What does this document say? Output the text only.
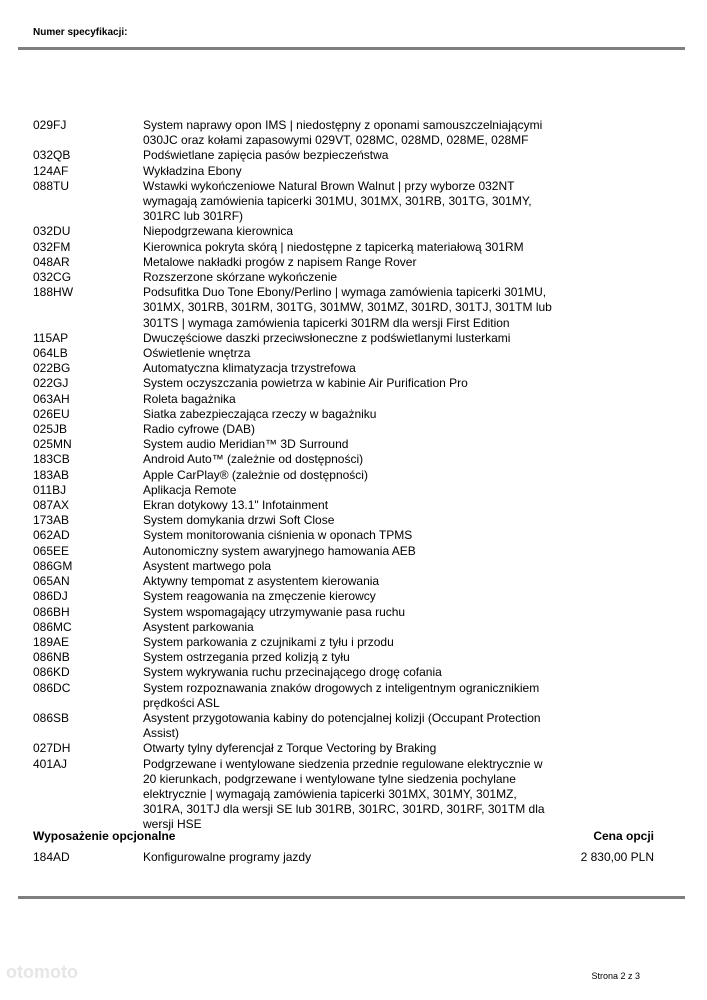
Numer specyfikacji:
029FJ	System naprawy opon IMS | niedostępny z oponami samouszczelniającymi 030JC oraz kołami zapasowymi 029VT, 028MC, 028MD, 028ME, 028MF
032QB	Podświetlane zapięcia pasów bezpieczeństwa
124AF	Wykładzina Ebony
088TU	Wstawki wykończeniowe Natural Brown Walnut | przy wyborze 032NT wymagają zamówienia tapicerki 301MU, 301MX, 301RB, 301TG, 301MY, 301RC lub 301RF)
032DU	Niepodgrzewana kierownica
032FM	Kierownica pokryta skórą | niedostępne z tapicerką materiałową 301RM
048AR	Metalowe nakładki progów z napisem Range Rover
032CG	Rozszerzone skórzane wykończenie
188HW	Podsufitka Duo Tone Ebony/Perlino | wymaga zamówienia tapicerki 301MU, 301MX, 301RB, 301RM, 301TG, 301MW, 301MZ, 301RD, 301TJ, 301TM lub 301TS | wymaga zamówienia tapicerki 301RM dla wersji First Edition
115AP	Dwuczęściowe daszki przeciwsłoneczne z podświetlanymi lusterkami
064LB	Oświetlenie wnętrza
022BG	Automatyczna klimatyzacja trzystrefowa
022GJ	System oczyszczania powietrza w kabinie Air Purification Pro
063AH	Roleta bagażnika
026EU	Siatka zabezpieczająca rzeczy w bagażniku
025JB	Radio cyfrowe (DAB)
025MN	System audio Meridian™ 3D Surround
183CB	Android Auto™ (zależnie od dostępności)
183AB	Apple CarPlay® (zależnie od dostępności)
011BJ	Aplikacja Remote
087AX	Ekran dotykowy 13.1" Infotainment
173AB	System domykania drzwi Soft Close
062AD	System monitorowania ciśnienia w oponach TPMS
065EE	Autonomiczny system awaryjnego hamowania AEB
086GM	Asystent martwego pola
065AN	Aktywny tempomat z asystentem kierowania
086DJ	System reagowania na zmęczenie kierowcy
086BH	System wspomagający utrzymywanie pasa ruchu
086MC	Asystent parkowania
189AE	System parkowania z czujnikami z tyłu i przodu
086NB	System ostrzegania przed kolizją z tyłu
086KD	System wykrywania ruchu przecinającego drogę cofania
086DC	System rozpoznawania znaków drogowych z inteligentnym ogranicznikiem prędkości ASL
086SB	Asystent przygotowania kabiny do potencjalnej kolizji (Occupant Protection Assist)
027DH	Otwarty tylny dyferencjał z Torque Vectoring by Braking
401AJ	Podgrzewane i wentylowane siedzenia przednie regulowane elektrycznie w 20 kierunkach, podgrzewane i wentylowane tylne siedzenia pochylane elektrycznie | wymagają zamówienia tapicerki 301MX, 301MY, 301MZ, 301RA, 301TJ dla wersji SE lub 301RB, 301RC, 301RD, 301RF, 301TM dla wersji HSE
Wyposażenie opcjonalne	Cena opcji
184AD	Konfigurowalne programy jazdy	2 830,00 PLN
otomoto	Strona 2 z 3
